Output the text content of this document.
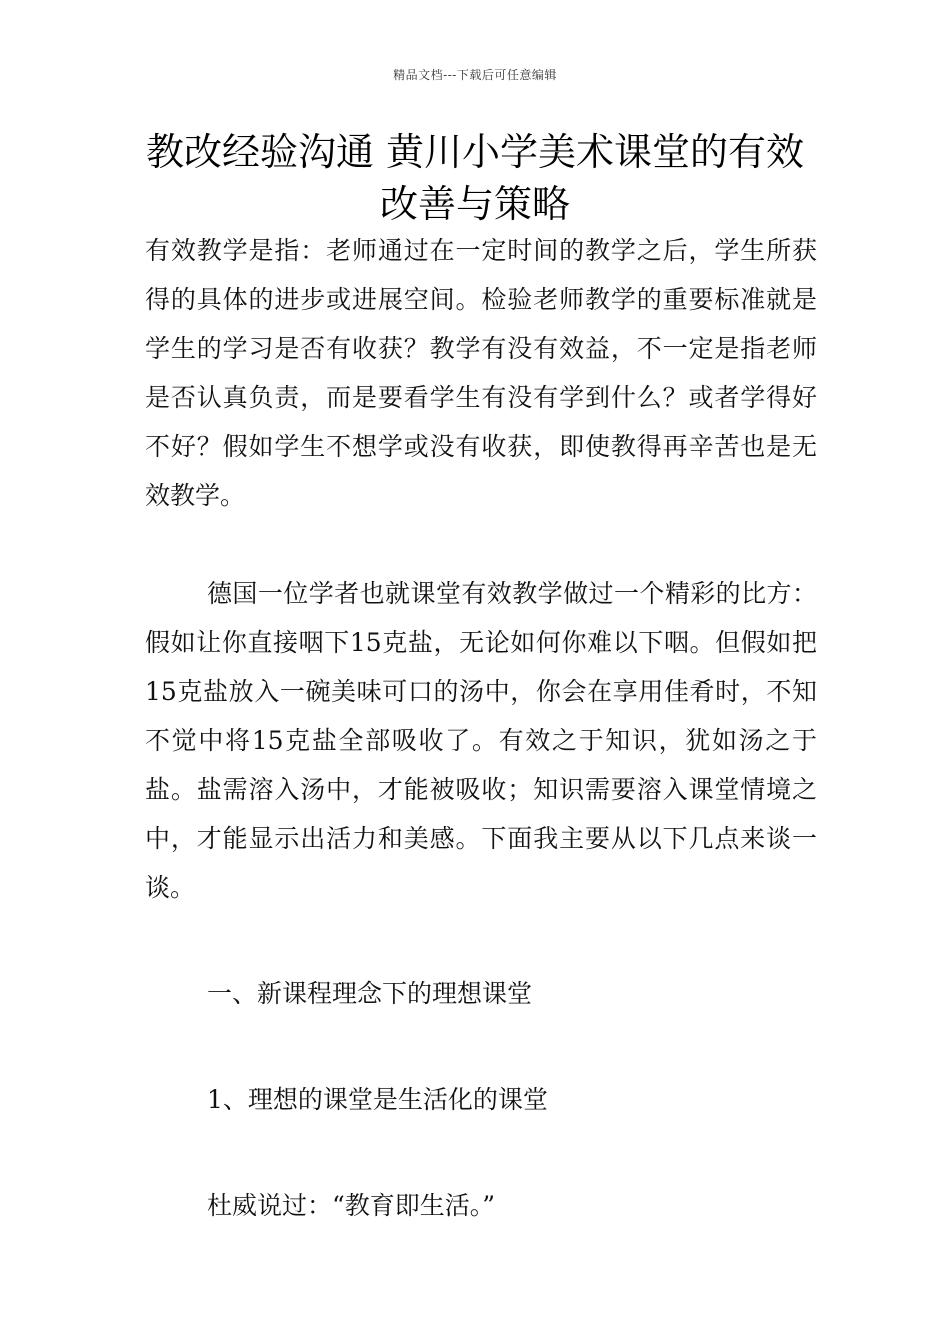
精品文档---下载后可任意编辑
教改经验沟通 黄川小学美术课堂的有效改善与策略

有效教学是指：老师通过在一定时间的教学之后，学生所获得的具体的进步或进展空间。检验老师教学的重要标准就是学生的学习是否有收获？教学有没有效益，不一定是指老师是否认真负责，而是要看学生有没有学到什么？或者学得好不好？假如学生不想学或没有收获，即使教得再辛苦也是无效教学。

德国一位学者也就课堂有效教学做过一个精彩的比方：假如让你直接咽下15克盐，无论如何你难以下咽。但假如把15克盐放入一碗美味可口的汤中，你会在享用佳肴时，不知不觉中将15克盐全部吸收了。有效之于知识，犹如汤之于盐。盐需溶入汤中，才能被吸收；知识需要溶入课堂情境之中，才能显示出活力和美感。下面我主要从以下几点来谈一谈。

一、新课程理念下的理想课堂

1、理想的课堂是生活化的课堂

杜威说过：“教育即生活。”
